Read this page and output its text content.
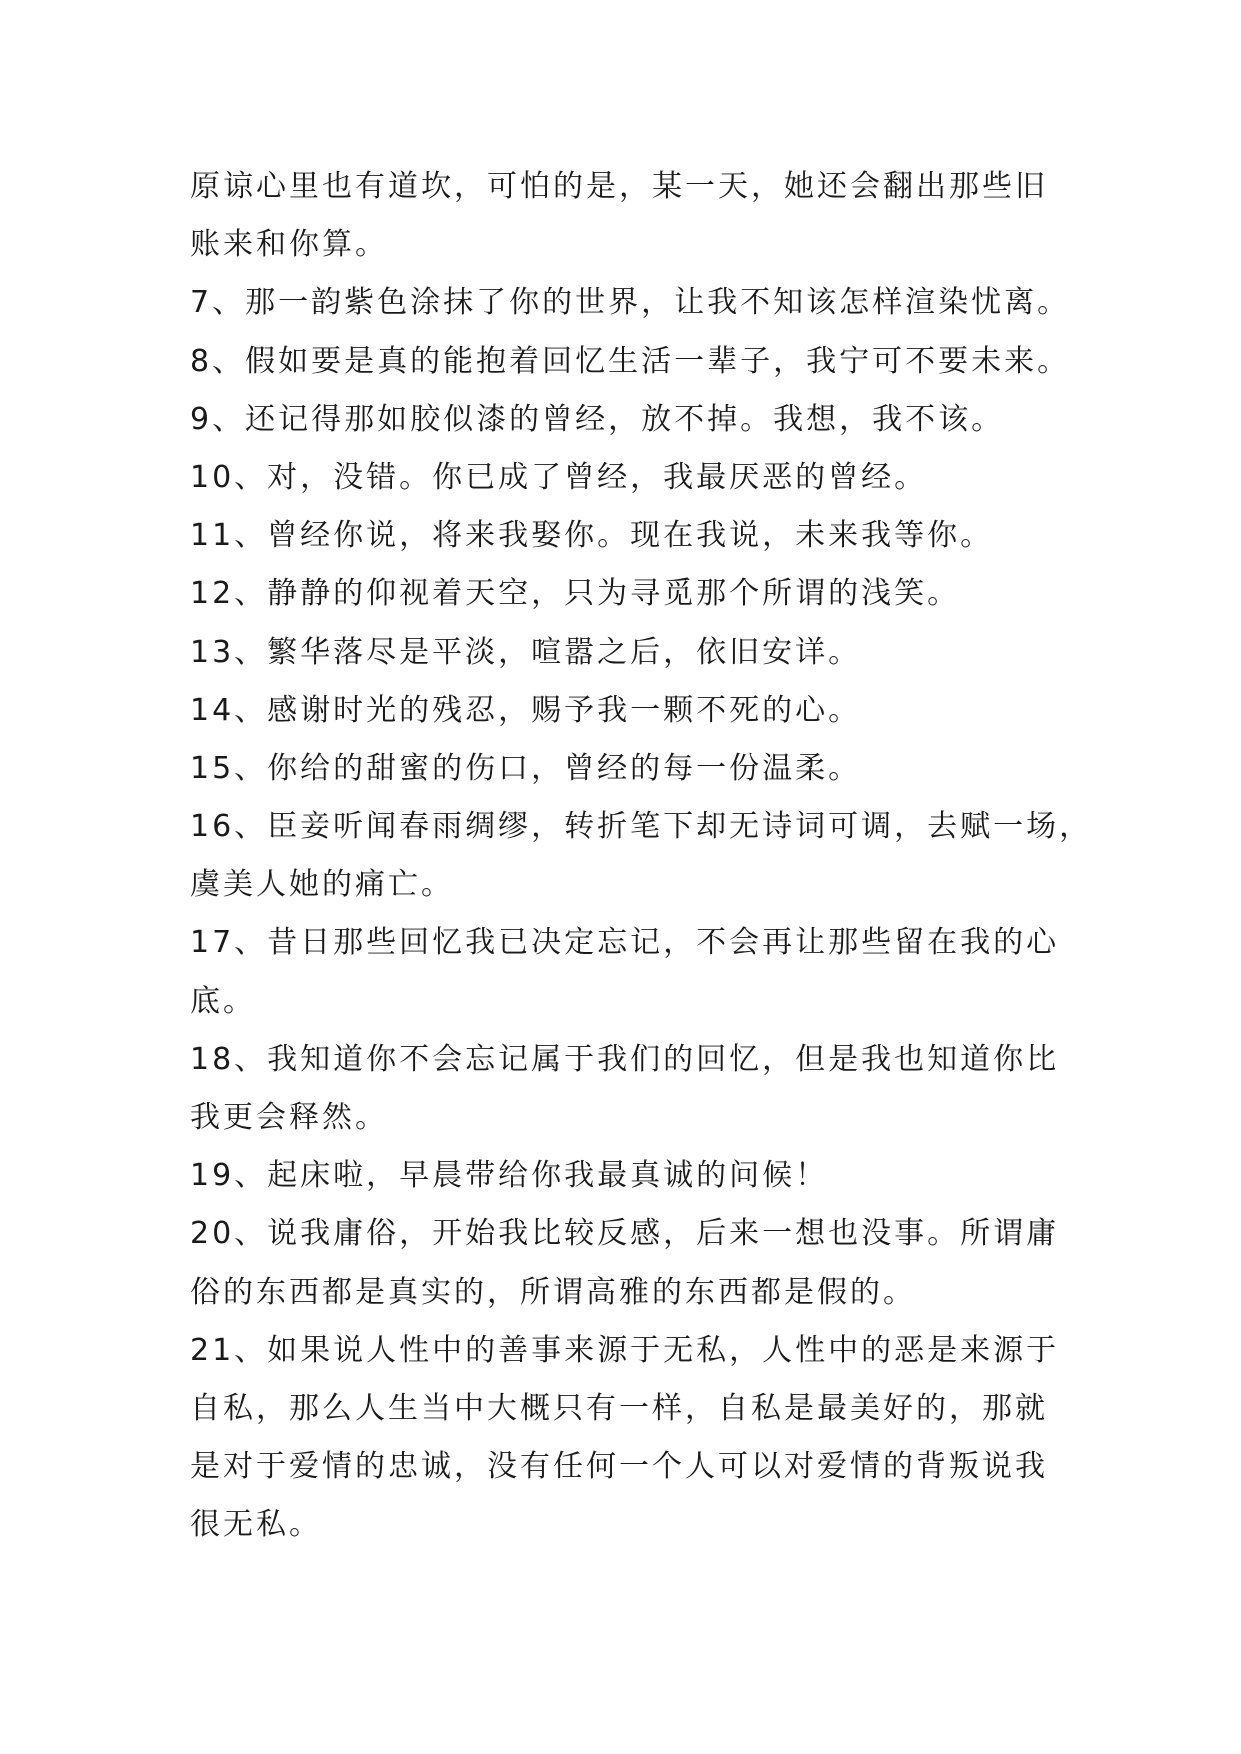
原谅心里也有道坎，可怕的是，某一天，她还会翻出那些旧
账来和你算。
7、那一韵紫色涂抹了你的世界，让我不知该怎样渲染忧离。
8、假如要是真的能抱着回忆生活一辈子，我宁可不要未来。
9、还记得那如胶似漆的曾经，放不掉。我想，我不该。
10、对，没错。你已成了曾经，我最厌恶的曾经。
11、曾经你说，将来我娶你。现在我说，未来我等你。
12、静静的仰视着天空，只为寻觅那个所谓的浅笑。
13、繁华落尽是平淡，喧嚣之后，依旧安详。
14、感谢时光的残忍，赐予我一颗不死的心。
15、你给的甜蜜的伤口，曾经的每一份温柔。
16、臣妾听闻春雨绸缪，转折笔下却无诗词可调，去赋一场，
虞美人她的痛亡。
17、昔日那些回忆我已决定忘记，不会再让那些留在我的心
底。
18、我知道你不会忘记属于我们的回忆，但是我也知道你比
我更会释然。
19、起床啦，早晨带给你我最真诚的问候！
20、说我庸俗，开始我比较反感，后来一想也没事。所谓庸
俗的东西都是真实的，所谓高雅的东西都是假的。
21、如果说人性中的善事来源于无私，人性中的恶是来源于
自私，那么人生当中大概只有一样，自私是最美好的，那就
是对于爱情的忠诚，没有任何一个人可以对爱情的背叛说我
很无私。
